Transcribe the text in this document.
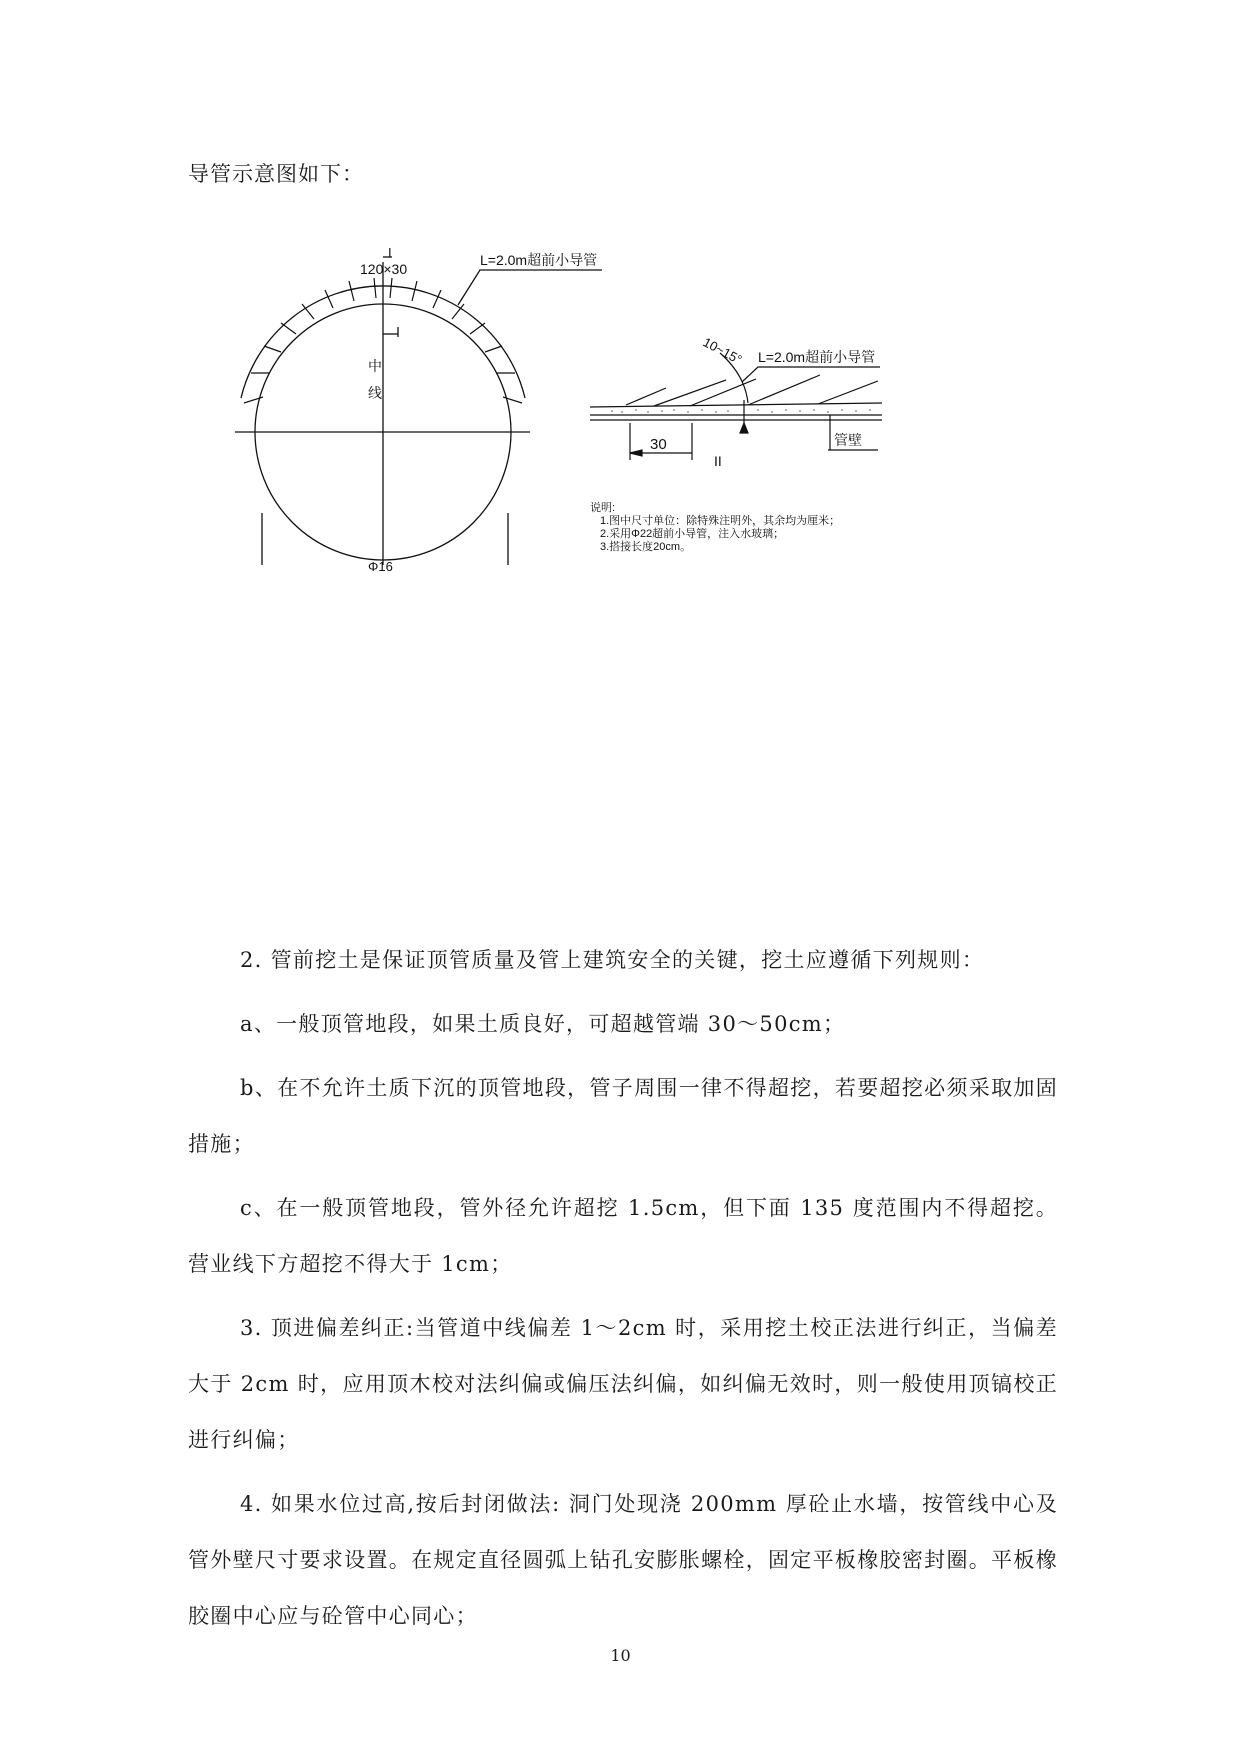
导管示意图如下：

I
120×30
L=2.0m超前小导管
中
线
Φ16
10~15° L=2.0m超前小导管
30	管壁
II
说明:
1.图中尺寸单位：除特殊注明外，其余均为厘米；
2.采用Φ22超前小导管，注入水玻璃；
3.搭接长度20cm。

2. 管前挖土是保证顶管质量及管上建筑安全的关键，挖土应遵循下列规则：

a、一般顶管地段，如果土质良好，可超越管端 30～50cm；

b、在不允许土质下沉的顶管地段，管子周围一律不得超挖，若要超挖必须采取加固措施；

c、在一般顶管地段，管外径允许超挖 1.5cm，但下面 135 度范围内不得超挖。营业线下方超挖不得大于 1cm；

3. 顶进偏差纠正:当管道中线偏差 1～2cm 时，采用挖土校正法进行纠正，当偏差大于 2cm 时，应用顶木校对法纠偏或偏压法纠偏，如纠偏无效时，则一般使用顶镐校正进行纠偏；

4. 如果水位过高,按后封闭做法: 洞门处现浇 200mm 厚砼止水墙，按管线中心及管外壁尺寸要求设置。在规定直径圆弧上钻孔安膨胀螺栓，固定平板橡胶密封圈。平板橡胶圈中心应与砼管中心同心；

10
